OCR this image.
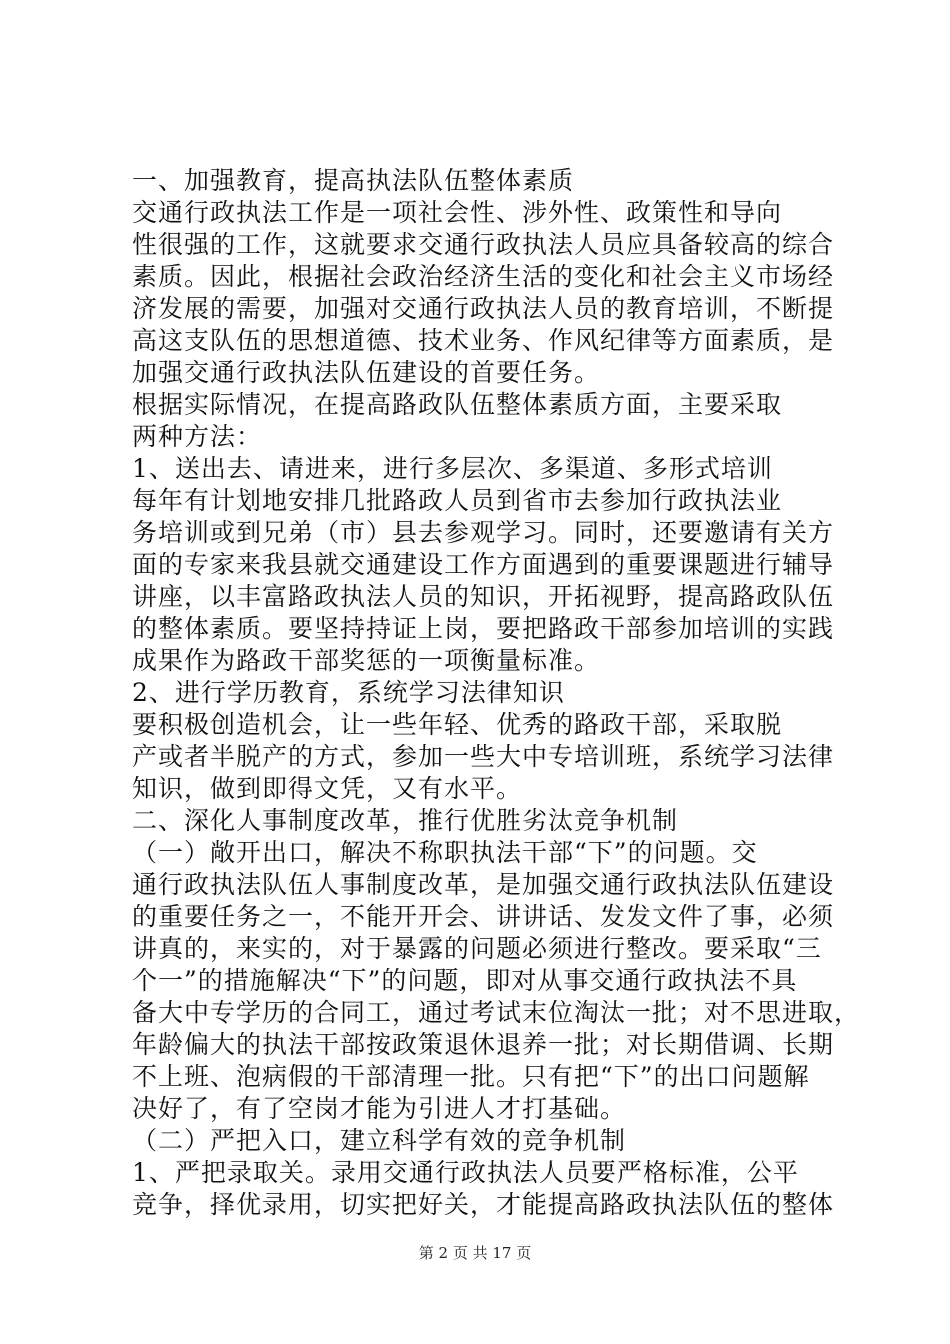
一、加强教育，提高执法队伍整体素质
交通行政执法工作是一项社会性、涉外性、政策性和导向
性很强的工作，这就要求交通行政执法人员应具备较高的综合
素质。因此，根据社会政治经济生活的变化和社会主义市场经
济发展的需要，加强对交通行政执法人员的教育培训，不断提
高这支队伍的思想道德、技术业务、作风纪律等方面素质，是
加强交通行政执法队伍建设的首要任务。
根据实际情况，在提高路政队伍整体素质方面，主要采取
两种方法：
1、送出去、请进来，进行多层次、多渠道、多形式培训
每年有计划地安排几批路政人员到省市去参加行政执法业
务培训或到兄弟（市）县去参观学习。同时，还要邀请有关方
面的专家来我县就交通建设工作方面遇到的重要课题进行辅导
讲座，以丰富路政执法人员的知识，开拓视野，提高路政队伍
的整体素质。要坚持持证上岗，要把路政干部参加培训的实践
成果作为路政干部奖惩的一项衡量标准。
2、进行学历教育，系统学习法律知识
要积极创造机会，让一些年轻、优秀的路政干部，采取脱
产或者半脱产的方式，参加一些大中专培训班，系统学习法律
知识，做到即得文凭，又有水平。
二、深化人事制度改革，推行优胜劣汰竞争机制
（一）敞开出口，解决不称职执法干部“下”的问题。交
通行政执法队伍人事制度改革，是加强交通行政执法队伍建设
的重要任务之一，不能开开会、讲讲话、发发文件了事，必须
讲真的，来实的，对于暴露的问题必须进行整改。要采取“三
个一”的措施解决“下”的问题，即对从事交通行政执法不具
备大中专学历的合同工，通过考试末位淘汰一批；对不思进取，
年龄偏大的执法干部按政策退休退养一批；对长期借调、长期
不上班、泡病假的干部清理一批。只有把“下”的出口问题解
决好了，有了空岗才能为引进人才打基础。
（二）严把入口，建立科学有效的竞争机制
1、严把录取关。录用交通行政执法人员要严格标准，公平
竞争，择优录用，切实把好关，才能提高路政执法队伍的整体
第 2 页 共 17 页
